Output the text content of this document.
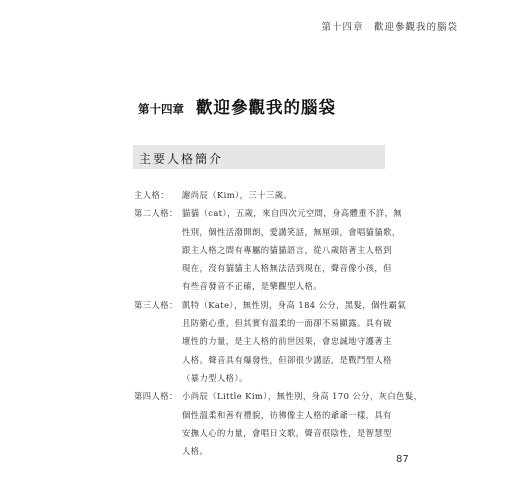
第十四章　歡迎參觀我的腦袋
第十四章 歡迎參觀我的腦袋
主要人格簡介
主人格：	謝尚辰（Kim），三十三歲。
第二人格： 貓貓（cat），五歲，來自四次元空間，身高體重不詳，無
性別，個性活潑開朗，愛講笑話，無厘頭，會唱貓貓歌，
跟主人格之間有專屬的貓貓語言，從八歲陪著主人格到
現在，沒有貓貓主人格無法活到現在，聲音像小孩，但
有些音發音不正確，是樂觀型人格。
第三人格： 凱特（Kate），無性別，身高 184 公分，黑髮，個性霸氣
且防衛心重，但其實有溫柔的一面卻不易顯露。具有破
壞性的力量，是主人格的前世因果，會忠誠地守護著主
人格。聲音具有爆發性，但卻很少講話，是戰鬥型人格
（暴力型人格）。
第四人格： 小尚辰（Little Kim），無性別，身高 170 公分，灰白色髮，
個性溫柔和善有禮貌，彷彿像主人格的爺爺一樣，具有
安撫人心的力量，會唱日文歌，聲音很陰性，是智慧型
人格。
87
